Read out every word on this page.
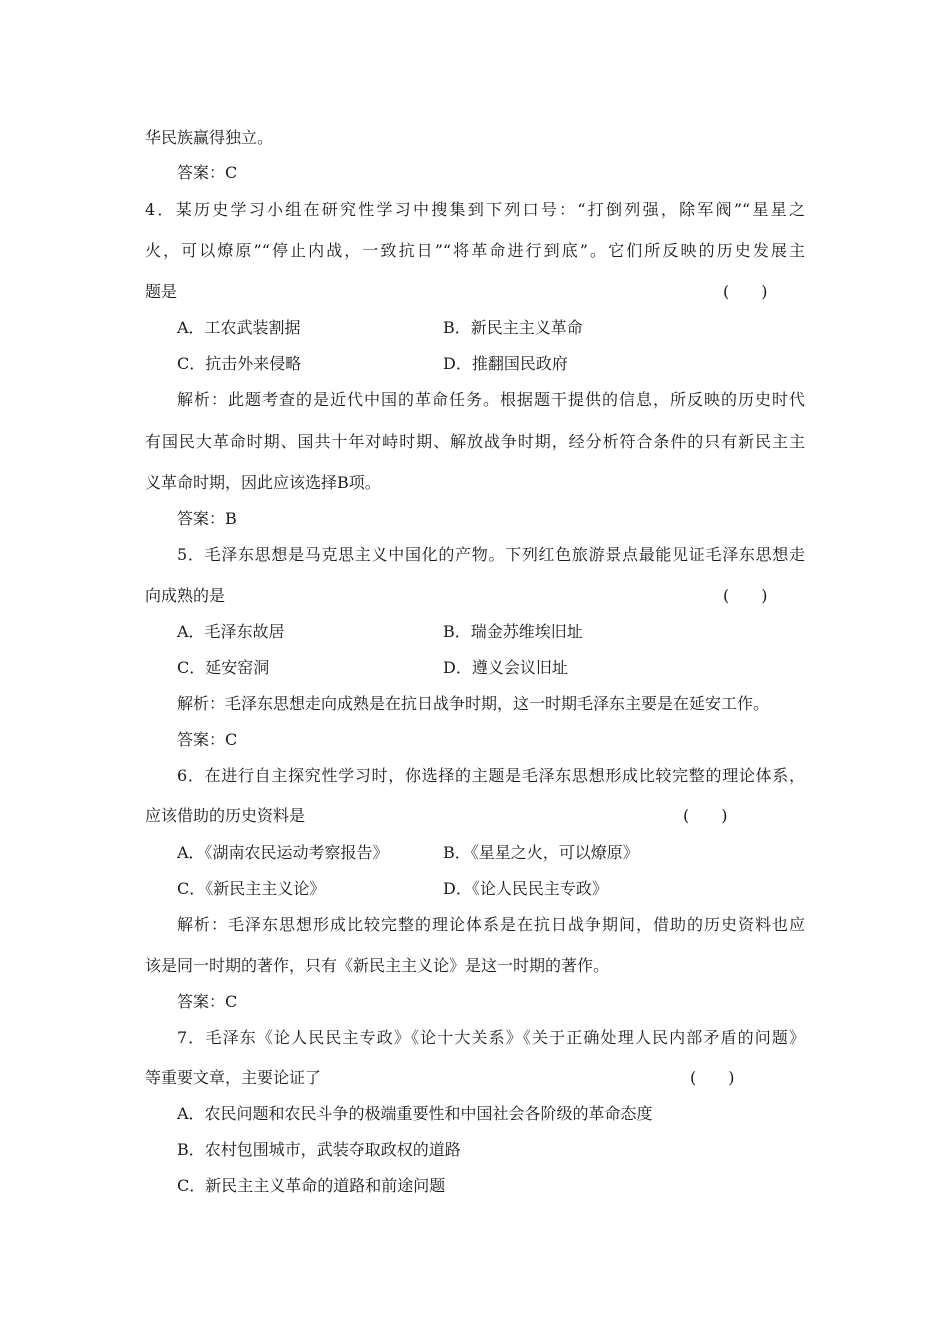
华民族赢得独立。
答案：C
4．某历史学习小组在研究性学习中搜集到下列口号：“打倒列强，除军阀”“星星之
火，可以燎原”“停止内战，一致抗日”“将革命进行到底”。它们所反映的历史发展主
题是	(　　)
A．工农武装割据	B．新民主主义革命
C．抗击外来侵略	D．推翻国民政府
解析：此题考查的是近代中国的革命任务。根据题干提供的信息，所反映的历史时代
有国民大革命时期、国共十年对峙时期、解放战争时期，经分析符合条件的只有新民主主
义革命时期，因此应该选择B项。
答案：B
5．毛泽东思想是马克思主义中国化的产物。下列红色旅游景点最能见证毛泽东思想走
向成熟的是	(　　)
A．毛泽东故居	B．瑞金苏维埃旧址
C．延安窑洞	D．遵义会议旧址
解析：毛泽东思想走向成熟是在抗日战争时期，这一时期毛泽东主要是在延安工作。
答案：C
6．在进行自主探究性学习时，你选择的主题是毛泽东思想形成比较完整的理论体系，
应该借助的历史资料是	(　　)
A．《湖南农民运动考察报告》	B．《星星之火，可以燎原》
C．《新民主主义论》	D．《论人民民主专政》
解析：毛泽东思想形成比较完整的理论体系是在抗日战争期间，借助的历史资料也应
该是同一时期的著作，只有《新民主主义论》是这一时期的著作。
答案：C
7．毛泽东《论人民民主专政》《论十大关系》《关于正确处理人民内部矛盾的问题》
等重要文章，主要论证了	(　　)
A．农民问题和农民斗争的极端重要性和中国社会各阶级的革命态度
B．农村包围城市，武装夺取政权的道路
C．新民主主义革命的道路和前途问题
